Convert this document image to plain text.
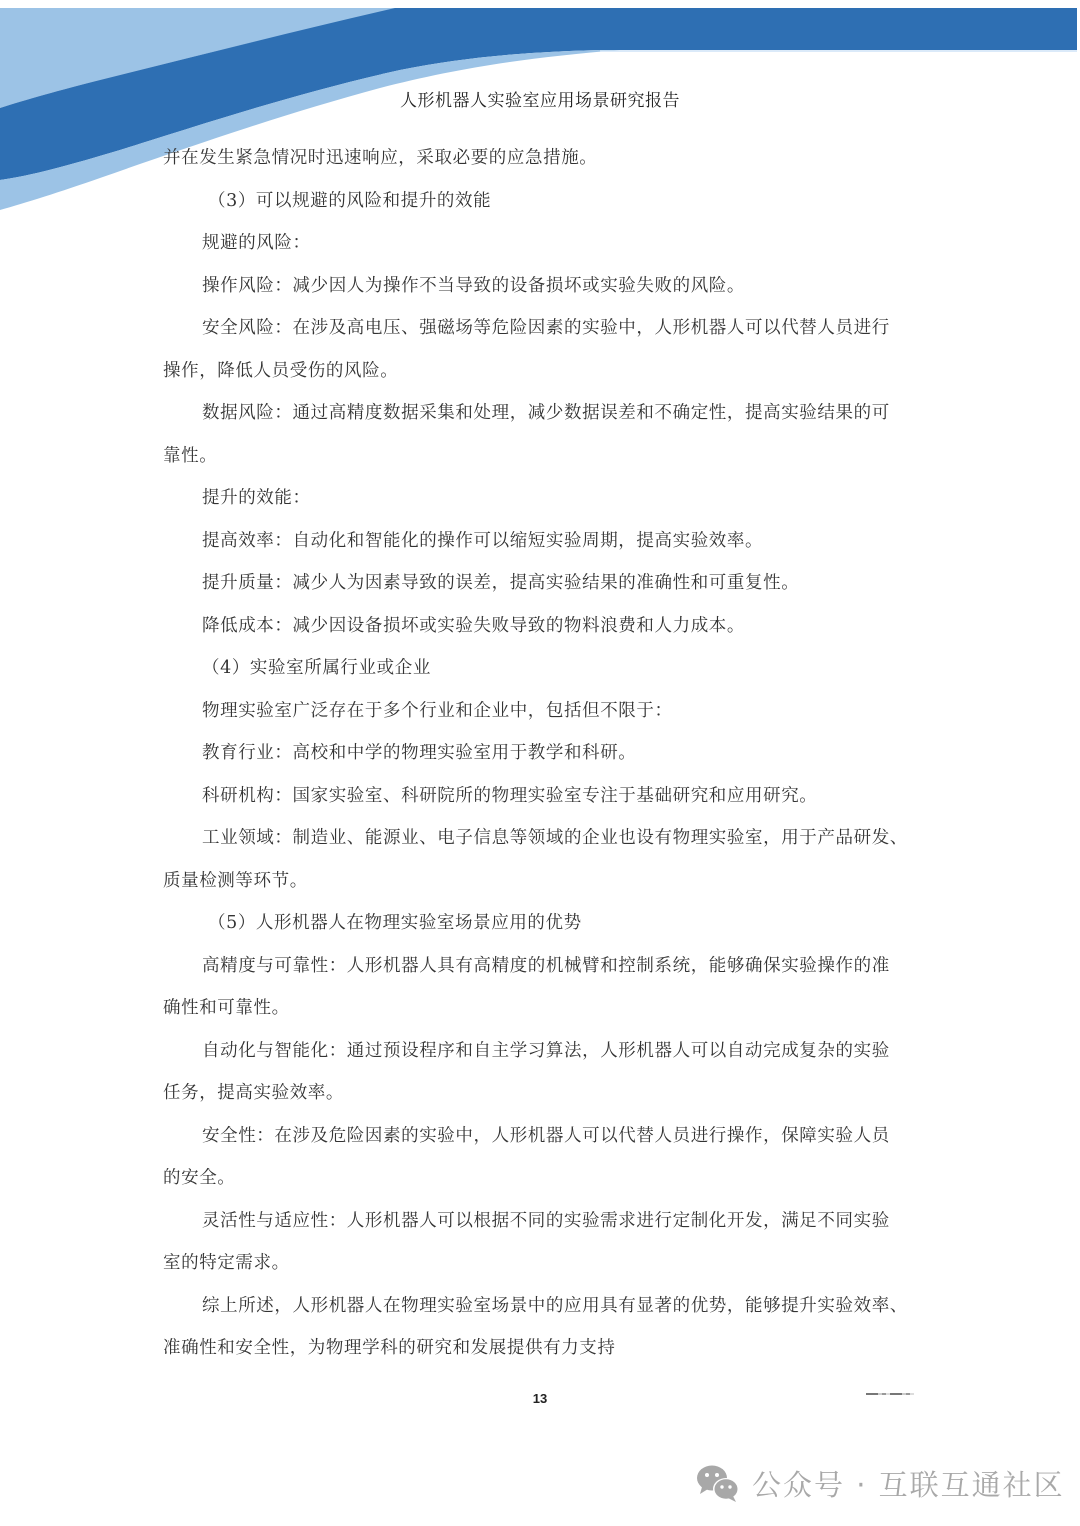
人形机器人实验室应用场景研究报告
并在发生紧急情况时迅速响应，采取必要的应急措施。
（3）可以规避的风险和提升的效能
规避的风险：
操作风险：减少因人为操作不当导致的设备损坏或实验失败的风险。
安全风险：在涉及高电压、强磁场等危险因素的实验中，人形机器人可以代替人员进行
操作，降低人员受伤的风险。
数据风险：通过高精度数据采集和处理，减少数据误差和不确定性，提高实验结果的可
靠性。
提升的效能：
提高效率：自动化和智能化的操作可以缩短实验周期，提高实验效率。
提升质量：减少人为因素导致的误差，提高实验结果的准确性和可重复性。
降低成本：减少因设备损坏或实验失败导致的物料浪费和人力成本。
（4）实验室所属行业或企业
物理实验室广泛存在于多个行业和企业中，包括但不限于：
教育行业：高校和中学的物理实验室用于教学和科研。
科研机构：国家实验室、科研院所的物理实验室专注于基础研究和应用研究。
工业领域：制造业、能源业、电子信息等领域的企业也设有物理实验室，用于产品研发、
质量检测等环节。
（5）人形机器人在物理实验室场景应用的优势
高精度与可靠性：人形机器人具有高精度的机械臂和控制系统，能够确保实验操作的准
确性和可靠性。
自动化与智能化：通过预设程序和自主学习算法，人形机器人可以自动完成复杂的实验
任务，提高实验效率。
安全性：在涉及危险因素的实验中，人形机器人可以代替人员进行操作，保障实验人员
的安全。
灵活性与适应性：人形机器人可以根据不同的实验需求进行定制化开发，满足不同实验
室的特定需求。
综上所述，人形机器人在物理实验室场景中的应用具有显著的优势，能够提升实验效率、
准确性和安全性，为物理学科的研究和发展提供有力支持
13
公众号 · 互联互通社区
